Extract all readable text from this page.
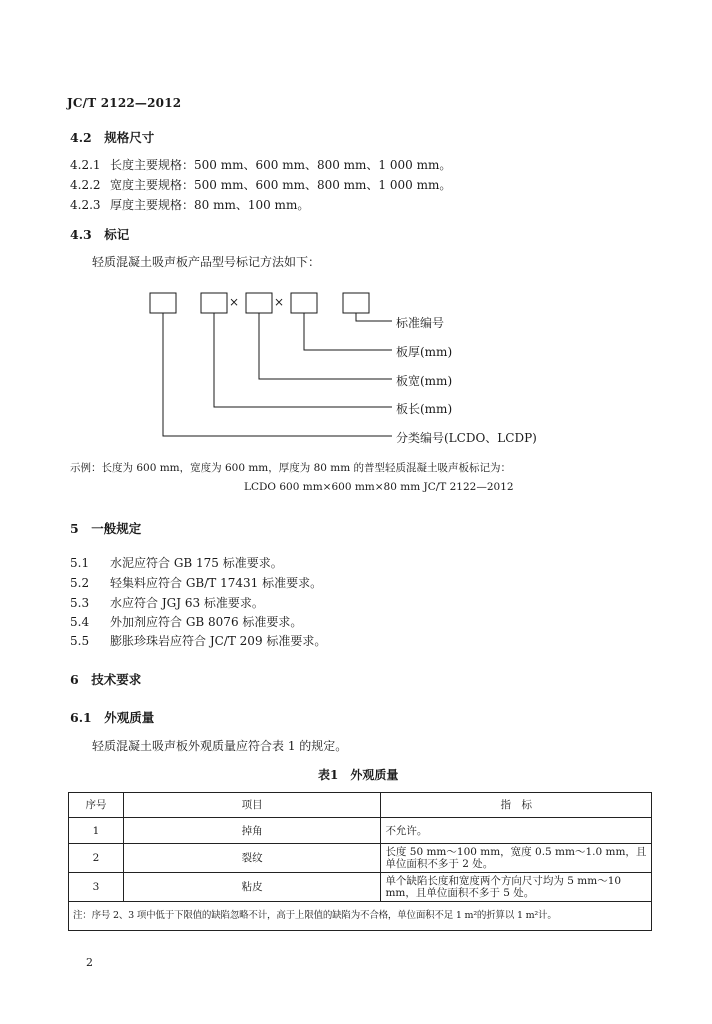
JC/T 2122—2012
4.2　规格尺寸
4.2.1 长度主要规格：500 mm、600 mm、800 mm、1 000 mm。
4.2.2 宽度主要规格：500 mm、600 mm、800 mm、1 000 mm。
4.2.3 厚度主要规格：80 mm、100 mm。
4.3　标记
轻质混凝土吸声板产品型号标记方法如下：
×	×
标准编号
板厚(mm)
板宽(mm)
板长(mm)
分类编号(LCDO、LCDP)
示例：长度为 600 mm，宽度为 600 mm，厚度为 80 mm 的普型轻质混凝土吸声板标记为：
LCDO 600 mm×600 mm×80 mm JC/T 2122—2012
5　一般规定
5.1 水泥应符合 GB 175 标准要求。
5.2 轻集料应符合 GB/T 17431 标准要求。
5.3 水应符合 JGJ 63 标准要求。
5.4 外加剂应符合 GB 8076 标准要求。
5.5 膨胀珍珠岩应符合 JC/T 209 标准要求。
6　技术要求
6.1　外观质量
轻质混凝土吸声板外观质量应符合表 1 的规定。
表1　外观质量
序号	项目	指　标
1	掉角	不允许。
2	裂纹	长度 50 mm～100 mm，宽度 0.5 mm～1.0 mm，且单位面积不多于 2 处。
3	粘皮	单个缺陷长度和宽度两个方向尺寸均为 5 mm～10 mm，且单位面积不多于 5 处。
注：序号 2、3 项中低于下限值的缺陷忽略不计，高于上限值的缺陷为不合格，单位面积不足 1 m²的折算以 1 m²计。		
2
